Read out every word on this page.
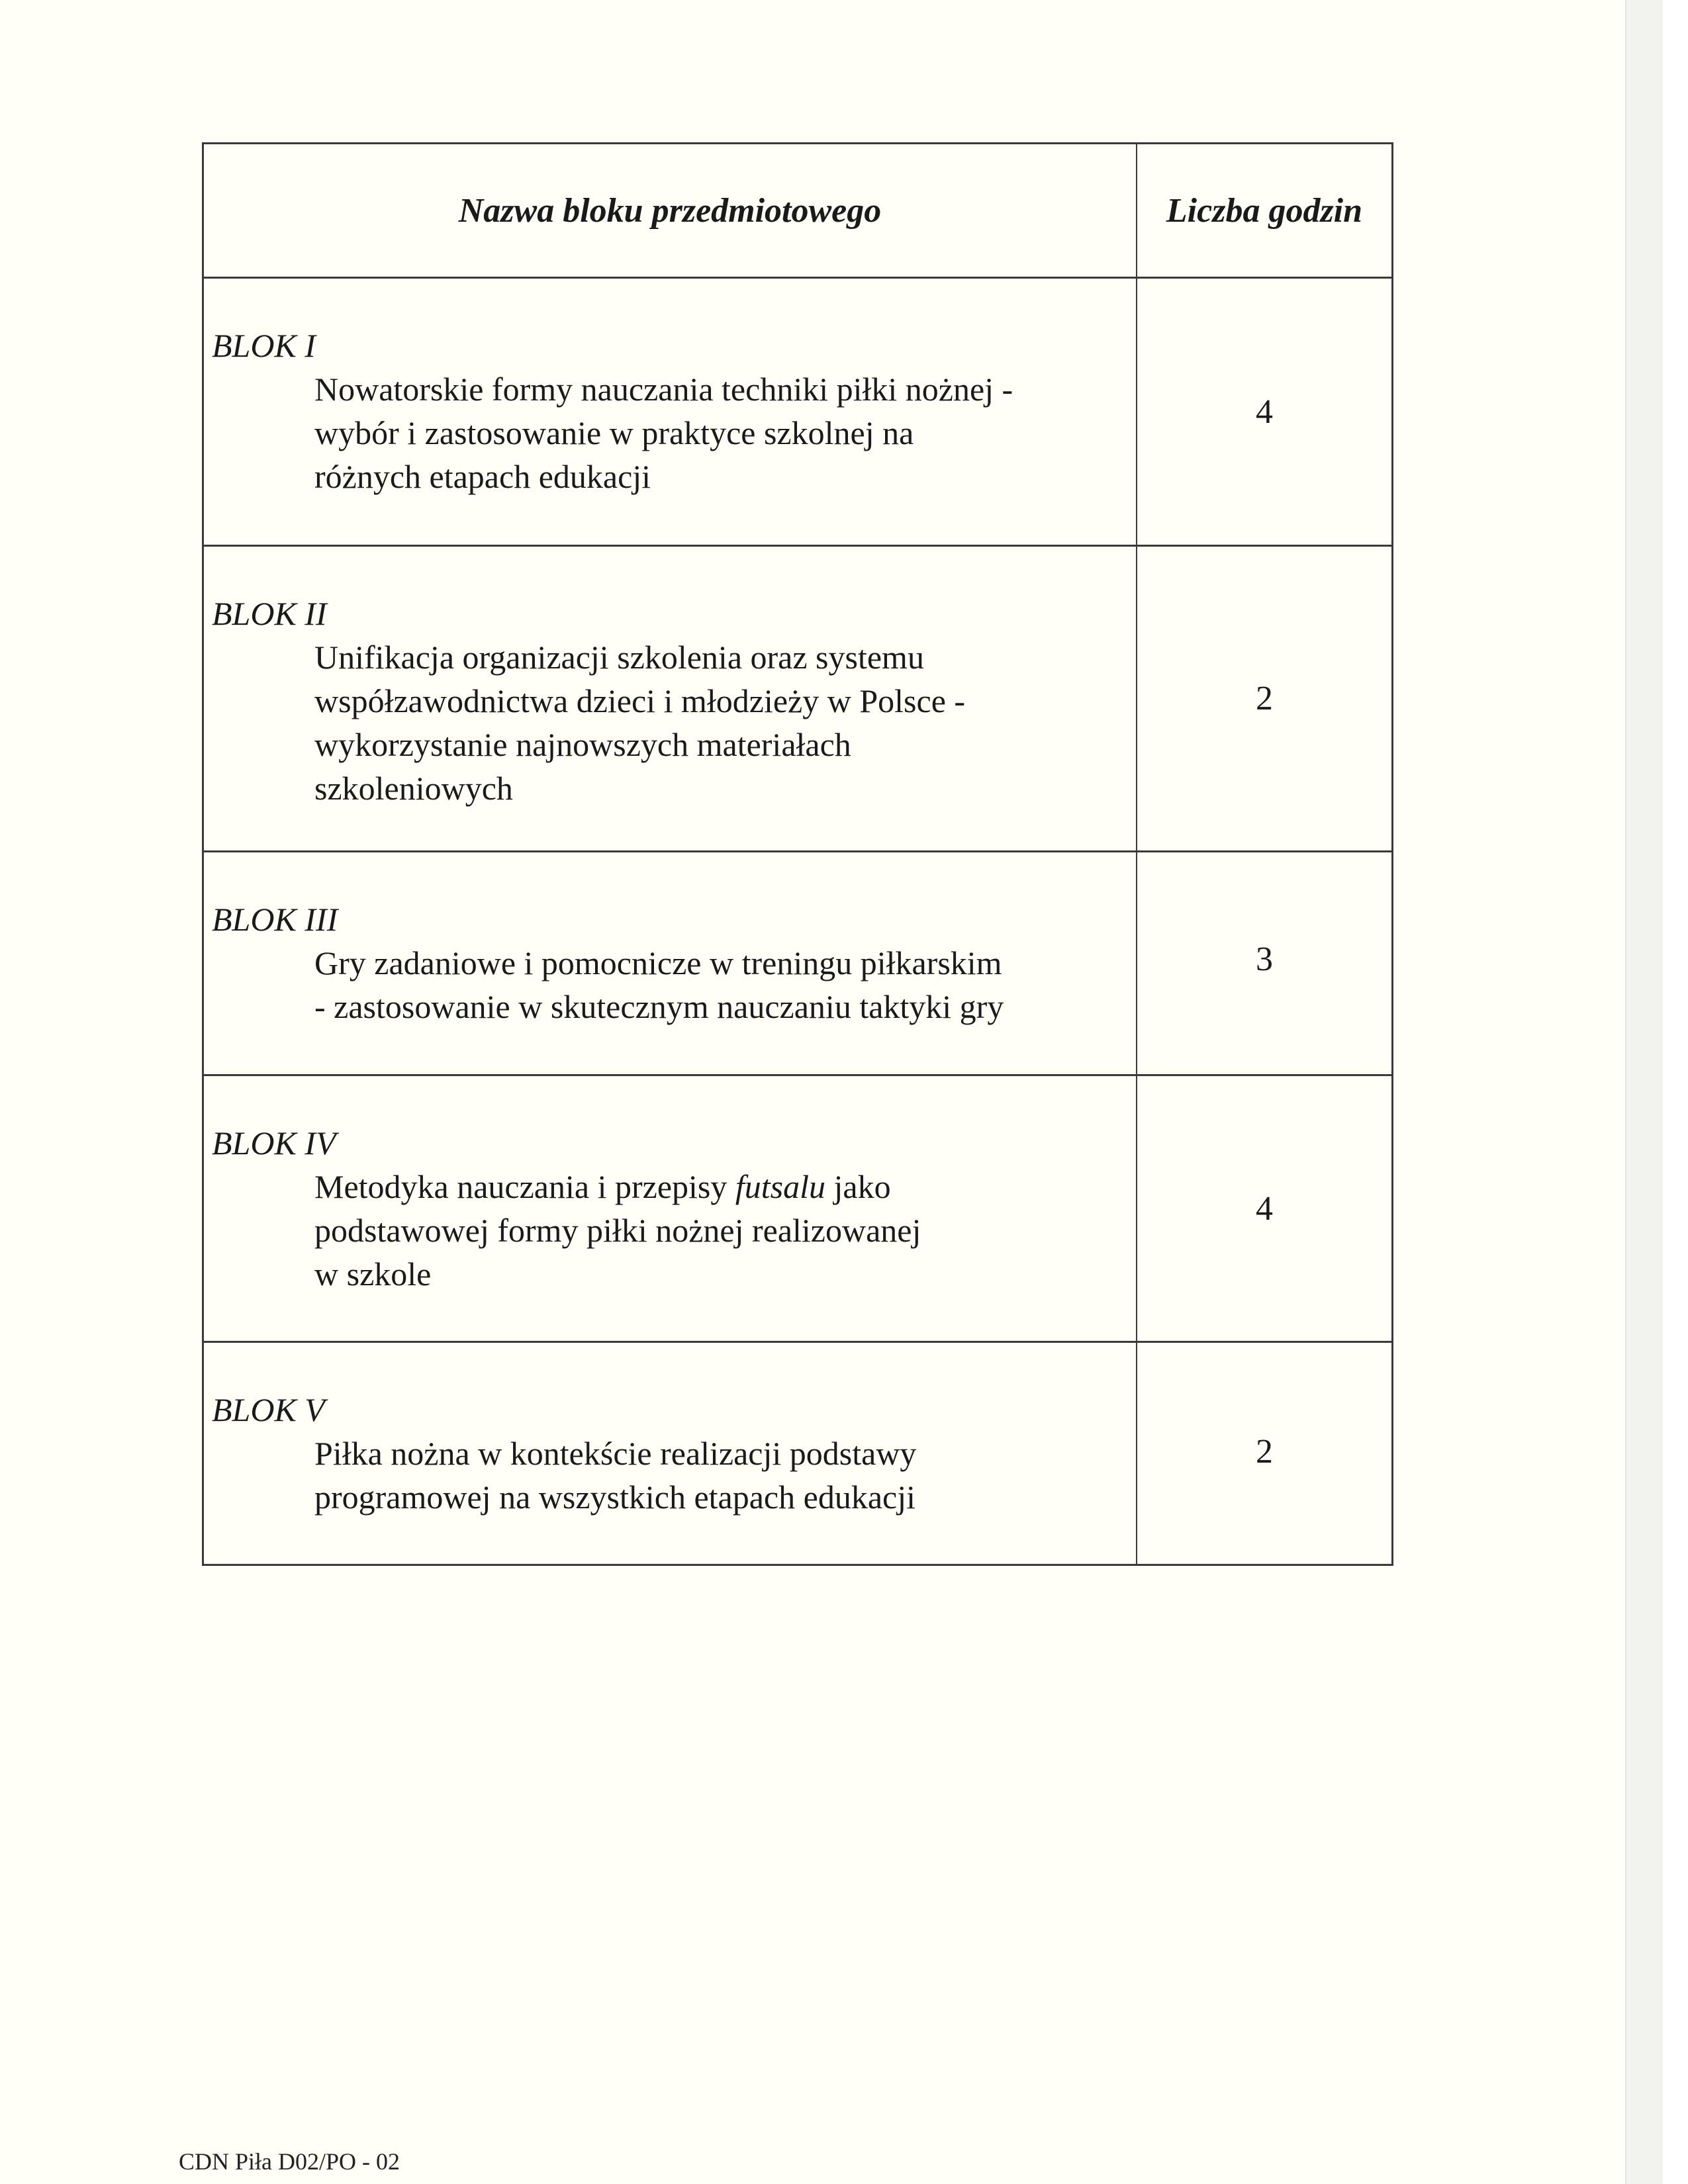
Nazwa bloku przedmiotowego	Liczba godzin
BLOK I
Nowatorskie formy nauczania techniki piłki nożnej -
wybór i zastosowanie w praktyce szkolnej na
różnych etapach edukacji
4
BLOK II
Unifikacja organizacji szkolenia oraz systemu
współzawodnictwa dzieci i młodzieży w Polsce -
wykorzystanie najnowszych materiałach
szkoleniowych
2
BLOK III
Gry zadaniowe i pomocnicze w treningu piłkarskim
- zastosowanie w skutecznym nauczaniu taktyki gry
3
BLOK IV
Metodyka nauczania i przepisy futsalu jako
podstawowej formy piłki nożnej realizowanej
w szkole
4
BLOK V
Piłka nożna w kontekście realizacji podstawy
programowej na wszystkich etapach edukacji
2
CDN Piła D02/PO - 02
